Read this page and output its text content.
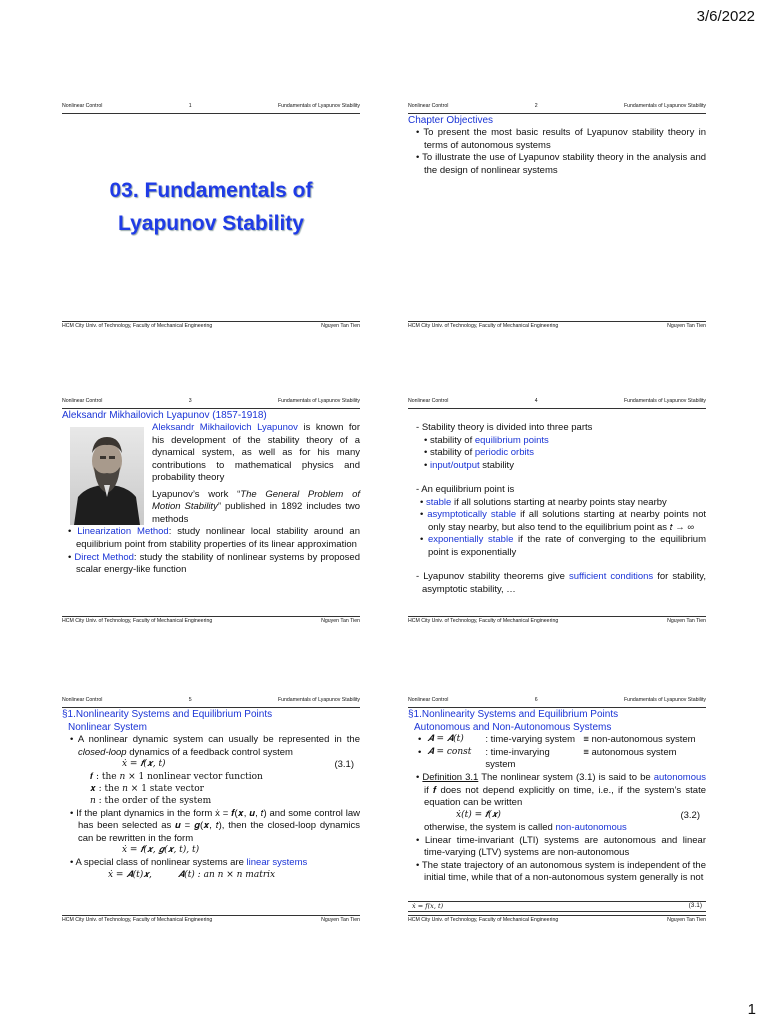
3/6/2022
Nonlinear Control	1	Fundamentals of Lyapunov Stability
03. Fundamentals of
Lyapunov Stability
HCM City Univ. of Technology, Faculty of Mechanical Engineering	Nguyen Tan Tien
Nonlinear Control	2	Fundamentals of Lyapunov Stability
Chapter Objectives
• To present the most basic results of Lyapunov stability theory in terms of autonomous systems
• To illustrate the use of Lyapunov stability theory in the analysis and the design of nonlinear systems
HCM City Univ. of Technology, Faculty of Mechanical Engineering	Nguyen Tan Tien
Nonlinear Control	3	Fundamentals of Lyapunov Stability
Aleksandr Mikhailovich Lyapunov (1857-1918)
Aleksandr Mikhailovich Lyapunov is known for his development of the stability theory of a dynamical system, as well as for his many contributions to mathematical physics and probability theory
Lyapunov’s work “The General Problem of Motion Stability” published in 1892 includes two methods
• Linearization Method: study nonlinear local stability around an equilibrium point from stability properties of its linear approximation
• Direct Method: study the stability of nonlinear systems by proposed scalar energy-like function
HCM City Univ. of Technology, Faculty of Mechanical Engineering	Nguyen Tan Tien
Nonlinear Control	4	Fundamentals of Lyapunov Stability
- Stability theory is divided into three parts
• stability of equilibrium points
• stability of periodic orbits
• input/output stability
- An equilibrium point is
• stable if all solutions starting at nearby points stay nearby
• asymptotically stable if all solutions starting at nearby points not only stay nearby, but also tend to the equilibrium point as 𝑡 → ∞
• exponentially stable if the rate of converging to the equilibrium point is exponentially
- Lyapunov stability theorems give sufficient conditions for stability, asymptotic stability, …
HCM City Univ. of Technology, Faculty of Mechanical Engineering	Nguyen Tan Tien
Nonlinear Control	5	Fundamentals of Lyapunov Stability
§1.Nonlinearity Systems and Equilibrium Points
Nonlinear System
• A nonlinear dynamic system can usually be represented in the closed-loop dynamics of a feedback control system
ẋ = 𝒇(𝒙, 𝑡)	(3.1)
𝒇 : the 𝑛 × 1 nonlinear vector function
𝒙 : the 𝑛 × 1 state vector
𝑛 : the order of the system
• If the plant dynamics in the form ẋ = 𝒇(𝒙, 𝒖, 𝑡) and some control law has been selected as 𝒖 = 𝒈(𝒙, 𝑡), then the closed-loop dynamics can be rewritten in the form
ẋ = 𝒇(𝒙, 𝒈(𝒙, 𝑡), 𝑡)
• A special class of nonlinear systems are linear systems
ẋ = 𝑨(𝑡)𝒙,	𝑨(𝑡) : an 𝑛 × 𝑛 matrix
HCM City Univ. of Technology, Faculty of Mechanical Engineering	Nguyen Tan Tien
Nonlinear Control	6	Fundamentals of Lyapunov Stability
§1.Nonlinearity Systems and Equilibrium Points
Autonomous and Non-Autonomous Systems
• 𝑨 = 𝑨(𝑡)	: time-varying system ≡ non-autonomous system
• 𝑨 = 𝑐𝑜𝑛𝑠𝑡	: time-invarying system
≡ autonomous system
• Definition 3.1 The nonlinear system (3.1) is said to be autonomous if 𝒇 does not depend explicitly on time, i.e., if the system’s state equation can be written
ẋ(𝑡) = 𝒇(𝒙)	(3.2)
otherwise, the system is called non-autonomous
• Linear time-invariant (LTI) systems are autonomous and linear time-varying (LTV) systems are non-autonomous
• The state trajectory of an autonomous system is independent of the initial time, while that of a non-autonomous system generally is not
ẋ = 𝑓(𝑥, 𝑡)	(3.1)
HCM City Univ. of Technology, Faculty of Mechanical Engineering	Nguyen Tan Tien
1
